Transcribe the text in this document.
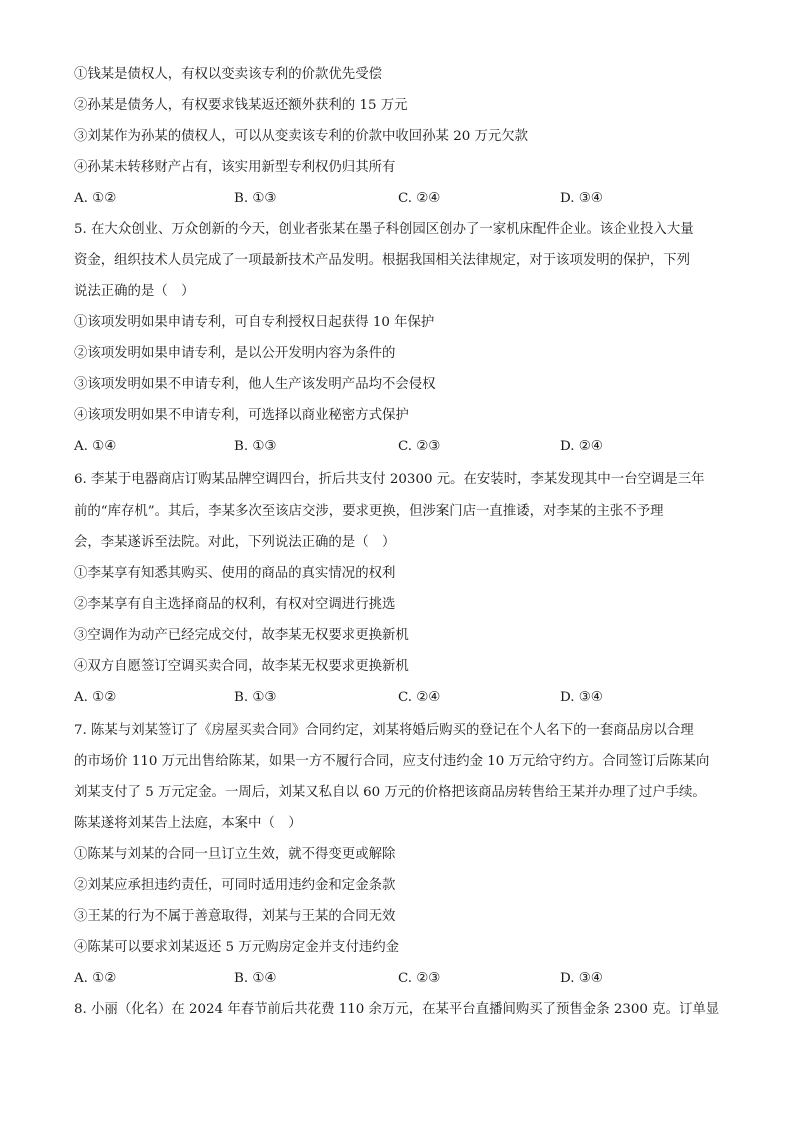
①钱某是债权人，有权以变卖该专利的价款优先受偿
②孙某是债务人，有权要求钱某返还额外获利的 15 万元
③刘某作为孙某的债权人，可以从变卖该专利的价款中收回孙某 20 万元欠款
④孙某未转移财产占有，该实用新型专利权仍归其所有
A. ①②	B. ①③	C. ②④	D. ③④
5. 在大众创业、万众创新的今天，创业者张某在墨子科创园区创办了一家机床配件企业。该企业投入大量
资金，组织技术人员完成了一项最新技术产品发明。根据我国相关法律规定，对于该项发明的保护，下列
说法正确的是（　）
①该项发明如果申请专利，可自专利授权日起获得 10 年保护
②该项发明如果申请专利，是以公开发明内容为条件的
③该项发明如果不申请专利，他人生产该发明产品均不会侵权
④该项发明如果不申请专利，可选择以商业秘密方式保护
A. ①④	B. ①③	C. ②③	D. ②④
6. 李某于电器商店订购某品牌空调四台，折后共支付 20300 元。在安装时，李某发现其中一台空调是三年
前的“库存机”。其后，李某多次至该店交涉，要求更换，但涉案门店一直推诿，对李某的主张不予理
会，李某遂诉至法院。对此，下列说法正确的是（　）
①李某享有知悉其购买、使用的商品的真实情况的权利
②李某享有自主选择商品的权利，有权对空调进行挑选
③空调作为动产已经完成交付，故李某无权要求更换新机
④双方自愿签订空调买卖合同，故李某无权要求更换新机
A. ①②	B. ①③	C. ②④	D. ③④
7. 陈某与刘某签订了《房屋买卖合同》合同约定，刘某将婚后购买的登记在个人名下的一套商品房以合理
的市场价 110 万元出售给陈某，如果一方不履行合同，应支付违约金 10 万元给守约方。合同签订后陈某向
刘某支付了 5 万元定金。一周后，刘某又私自以 60 万元的价格把该商品房转售给王某并办理了过户手续。
陈某遂将刘某告上法庭，本案中（　）
①陈某与刘某的合同一旦订立生效，就不得变更或解除
②刘某应承担违约责任，可同时适用违约金和定金条款
③王某的行为不属于善意取得，刘某与王某的合同无效
④陈某可以要求刘某返还 5 万元购房定金并支付违约金
A. ①②	B. ①④	C. ②③	D. ③④
8. 小丽（化名）在 2024 年春节前后共花费 110 余万元，在某平台直播间购买了预售金条 2300 克。订单显
